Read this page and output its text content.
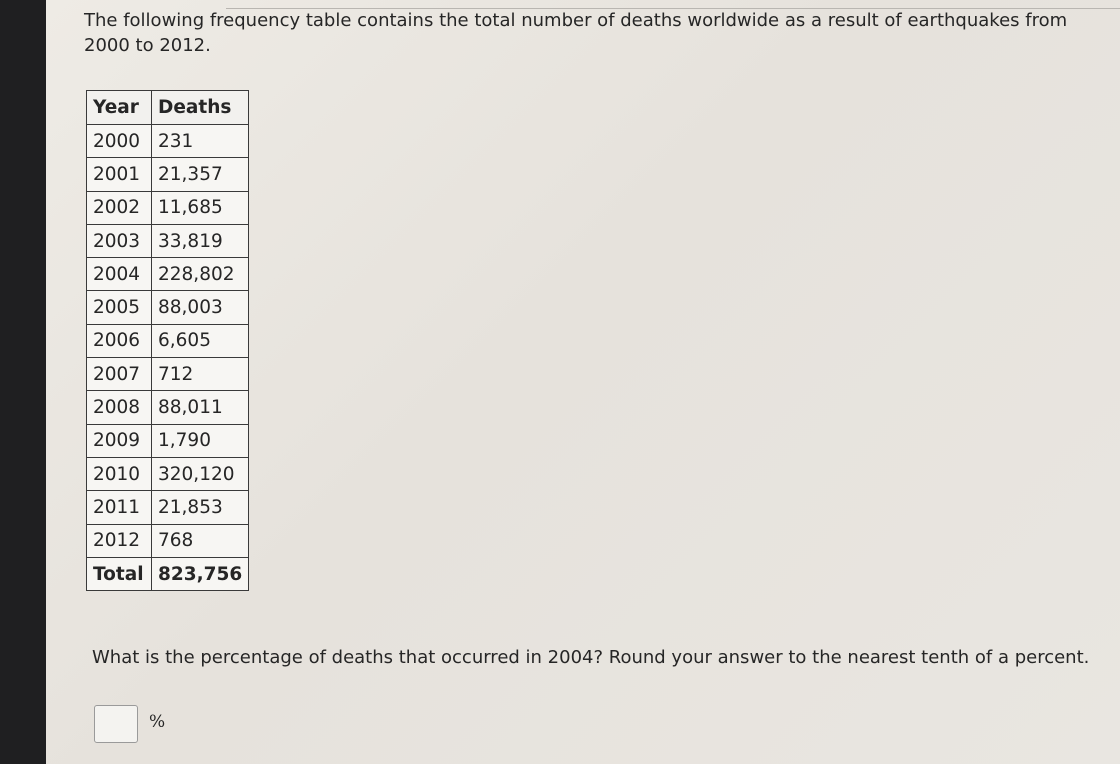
The following frequency table contains the total number of deaths worldwide as a result of earthquakes from 2000 to 2012.

Year	Deaths
2000	231
2001	21,357
2002	11,685
2003	33,819
2004	228,802
2005	88,003
2006	6,605
2007	712
2008	88,011
2009	1,790
2010	320,120
2011	21,853
2012	768
Total	823,756

What is the percentage of deaths that occurred in 2004? Round your answer to the nearest tenth of a percent.

%
